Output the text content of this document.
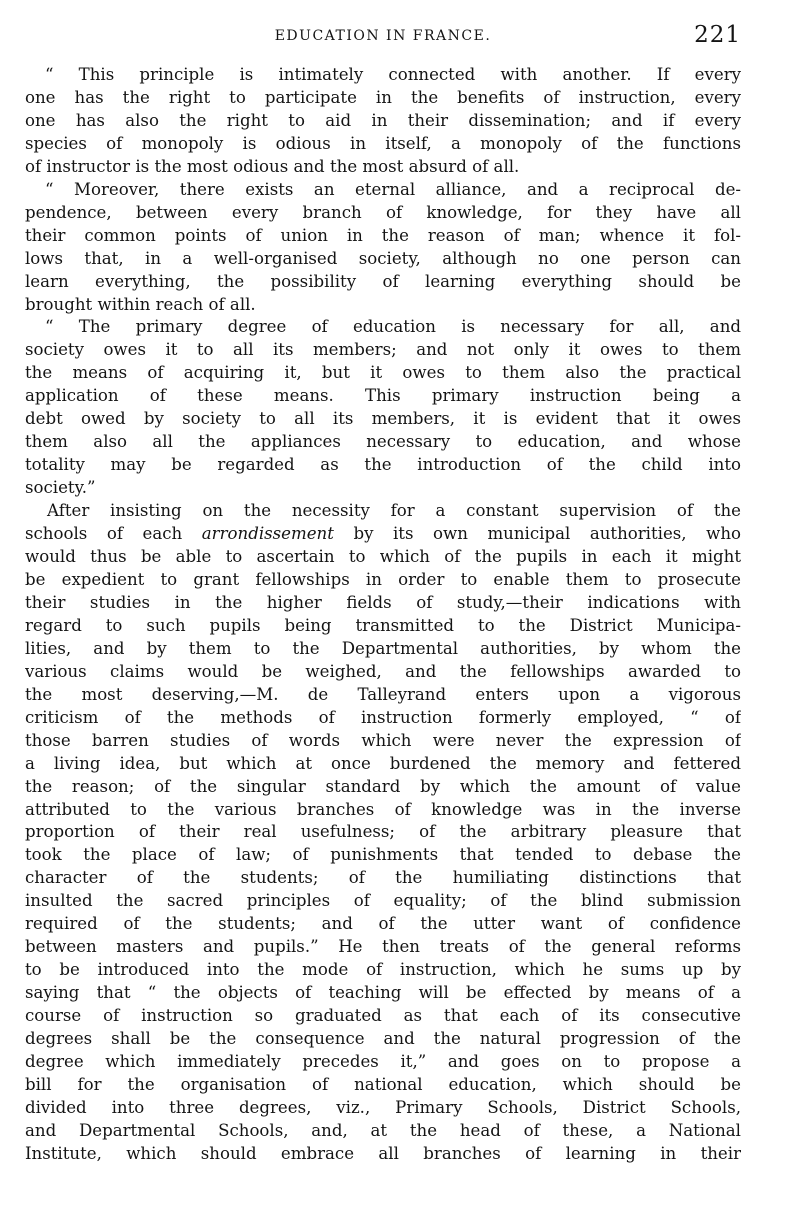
EDUCATION IN FRANCE.	221
“ This principle is intimately connected with another. If every
one has the right to participate in the benefits of instruction, every
one has also the right to aid in their dissemination; and if every
species of monopoly is odious in itself, a monopoly of the functions
of instructor is the most odious and the most absurd of all.
“ Moreover, there exists an eternal alliance, and a reciprocal de-
pendence, between every branch of knowledge, for they have all
their common points of union in the reason of man; whence it fol-
lows that, in a well-organised society, although no one person can
learn everything, the possibility of learning everything should be
brought within reach of all.
“ The primary degree of education is necessary for all, and
society owes it to all its members; and not only it owes to them
the means of acquiring it, but it owes to them also the practical
application of these means. This primary instruction being a
debt owed by society to all its members, it is evident that it owes
them also all the appliances necessary to education, and whose
totality may be regarded as the introduction of the child into
society.”
After insisting on the necessity for a constant supervision of the
schools of each arrondissement by its own municipal authorities, who
would thus be able to ascertain to which of the pupils in each it might
be expedient to grant fellowships in order to enable them to prosecute
their studies in the higher fields of study,—their indications with
regard to such pupils being transmitted to the District Municipa-
lities, and by them to the Departmental authorities, by whom the
various claims would be weighed, and the fellowships awarded to
the most deserving,—M. de Talleyrand enters upon a vigorous
criticism of the methods of instruction formerly employed, “ of
those barren studies of words which were never the expression of
a living idea, but which at once burdened the memory and fettered
the reason; of the singular standard by which the amount of value
attributed to the various branches of knowledge was in the inverse
proportion of their real usefulness; of the arbitrary pleasure that
took the place of law; of punishments that tended to debase the
character of the students; of the humiliating distinctions that
insulted the sacred principles of equality; of the blind submission
required of the students; and of the utter want of confidence
between masters and pupils.” He then treats of the general reforms
to be introduced into the mode of instruction, which he sums up by
saying that “ the objects of teaching will be effected by means of a
course of instruction so graduated as that each of its consecutive
degrees shall be the consequence and the natural progression of the
degree which immediately precedes it,” and goes on to propose a
bill for the organisation of national education, which should be
divided into three degrees, viz., Primary Schools, District Schools,
and Departmental Schools, and, at the head of these, a National
Institute, which should embrace all branches of learning in their
